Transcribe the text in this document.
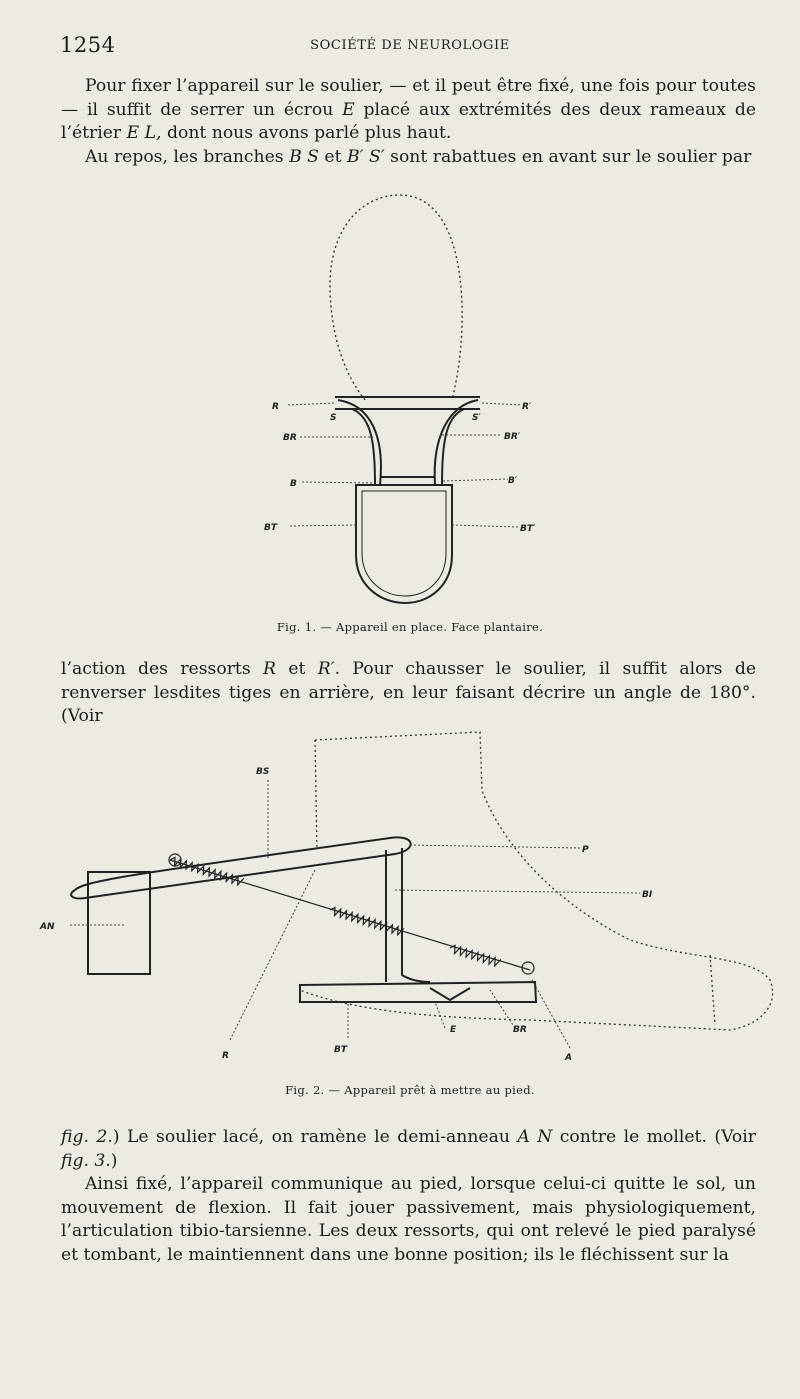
1254	SOCIÉTÉ DE NEUROLOGIE

Pour fixer l’appareil sur le soulier, — et il peut être fixé, une fois pour toutes — il suffit de serrer un écrou E placé aux extrémités des deux rameaux de l’étrier E L, dont nous avons parlé plus haut.

Au repos, les branches B S et B′ S′ sont rabattues en avant sur le soulier par

R	R′
BR	BR′
B	B′
BT	BT′
S	S′
Fig. 1. — Appareil en place. Face plantaire.

l’action des ressorts R et R′. Pour chausser le soulier, il suffit alors de renverser lesdites tiges en arrière, en leur faisant décrire un angle de 180°. (Voir

BS
P
BI
AN
R
BT
E	BR
A
Fig. 2. — Appareil prêt à mettre au pied.

fig. 2.) Le soulier lacé, on ramène le demi-anneau A N contre le mollet. (Voir fig. 3.)

Ainsi fixé, l’appareil communique au pied, lorsque celui-ci quitte le sol, un mouvement de flexion. Il fait jouer passivement, mais physiologiquement, l’articulation tibio-tarsienne. Les deux ressorts, qui ont relevé le pied paralysé et tombant, le maintiennent dans une bonne position; ils le fléchissent sur la
